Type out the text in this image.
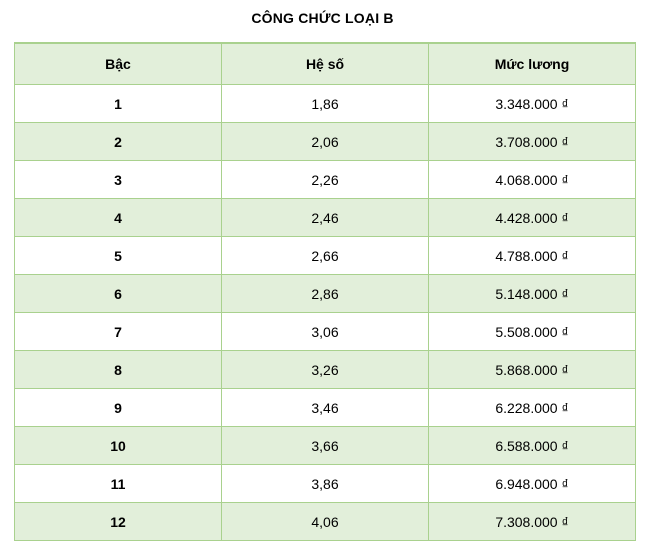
CÔNG CHỨC LOẠI B
Bậc	Hệ số	Mức lương
1	1,86	3.348.000 ₫
2	2,06	3.708.000 ₫
3	2,26	4.068.000 ₫
4	2,46	4.428.000 ₫
5	2,66	4.788.000 ₫
6	2,86	5.148.000 ₫
7	3,06	5.508.000 ₫
8	3,26	5.868.000 ₫
9	3,46	6.228.000 ₫
10	3,66	6.588.000 ₫
11	3,86	6.948.000 ₫
12	4,06	7.308.000 ₫
